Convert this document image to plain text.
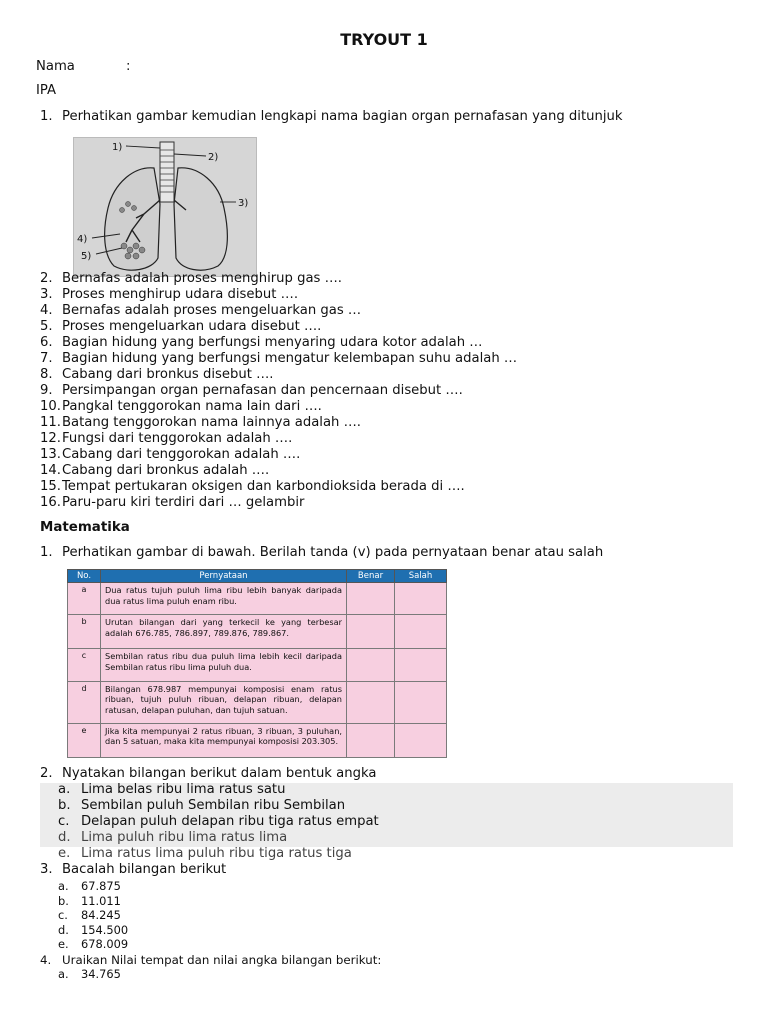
TRYOUT 1
Nama	:
IPA
1. Perhatikan gambar kemudian lengkapi nama bagian organ pernafasan yang ditunjuk
1)
2)
3)
4)
5)
2. Bernafas adalah proses menghirup gas ….
3. Proses menghirup udara disebut ….
4. Bernafas adalah proses mengeluarkan gas …
5. Proses mengeluarkan udara disebut ….
6. Bagian hidung yang berfungsi menyaring udara kotor adalah …
7. Bagian hidung yang berfungsi mengatur kelembapan suhu adalah …
8. Cabang dari bronkus disebut ….
9. Persimpangan organ pernafasan dan pencernaan disebut ….
10.Pangkal tenggorokan nama lain dari ….
11.Batang tenggorokan nama lainnya adalah ….
12.Fungsi dari tenggorokan adalah ….
13.Cabang dari tenggorokan adalah ….
14.Cabang dari bronkus adalah ….
15.Tempat pertukaran oksigen dan karbondioksida berada di ….
16.Paru-paru kiri terdiri dari … gelambir
Matematika
1. Perhatikan gambar di bawah. Berilah tanda (v) pada pernyataan benar atau salah
No.	Pernyataan	Benar	Salah
a	Dua ratus tujuh puluh lima ribu lebih banyak daripada dua ratus lima puluh enam ribu.		
b	Urutan bilangan dari yang terkecil ke yang terbesar adalah 676.785, 786.897, 789.876, 789.867.		
c	Sembilan ratus ribu dua puluh lima lebih kecil daripada Sembilan ratus ribu lima puluh dua.		
d	Bilangan 678.987 mempunyai komposisi enam ratus ribuan, tujuh puluh ribuan, delapan ribuan, delapan ratusan, delapan puluhan, dan tujuh satuan.		
e	Jika kita mempunyai 2 ratus ribuan, 3 ribuan, 3 puluhan, dan 5 satuan, maka kita mempunyai komposisi 203.305.		
2. Nyatakan bilangan berikut dalam bentuk angka
a. Lima belas ribu lima ratus satu
b. Sembilan puluh Sembilan ribu Sembilan
c. Delapan puluh delapan ribu tiga ratus empat
d. Lima puluh ribu lima ratus lima
e. Lima ratus lima puluh ribu tiga ratus tiga
3. Bacalah bilangan berikut
a. 67.875
b. 11.011
c. 84.245
d. 154.500
e. 678.009
4. Uraikan Nilai tempat dan nilai angka bilangan berikut:
a. 34.765
